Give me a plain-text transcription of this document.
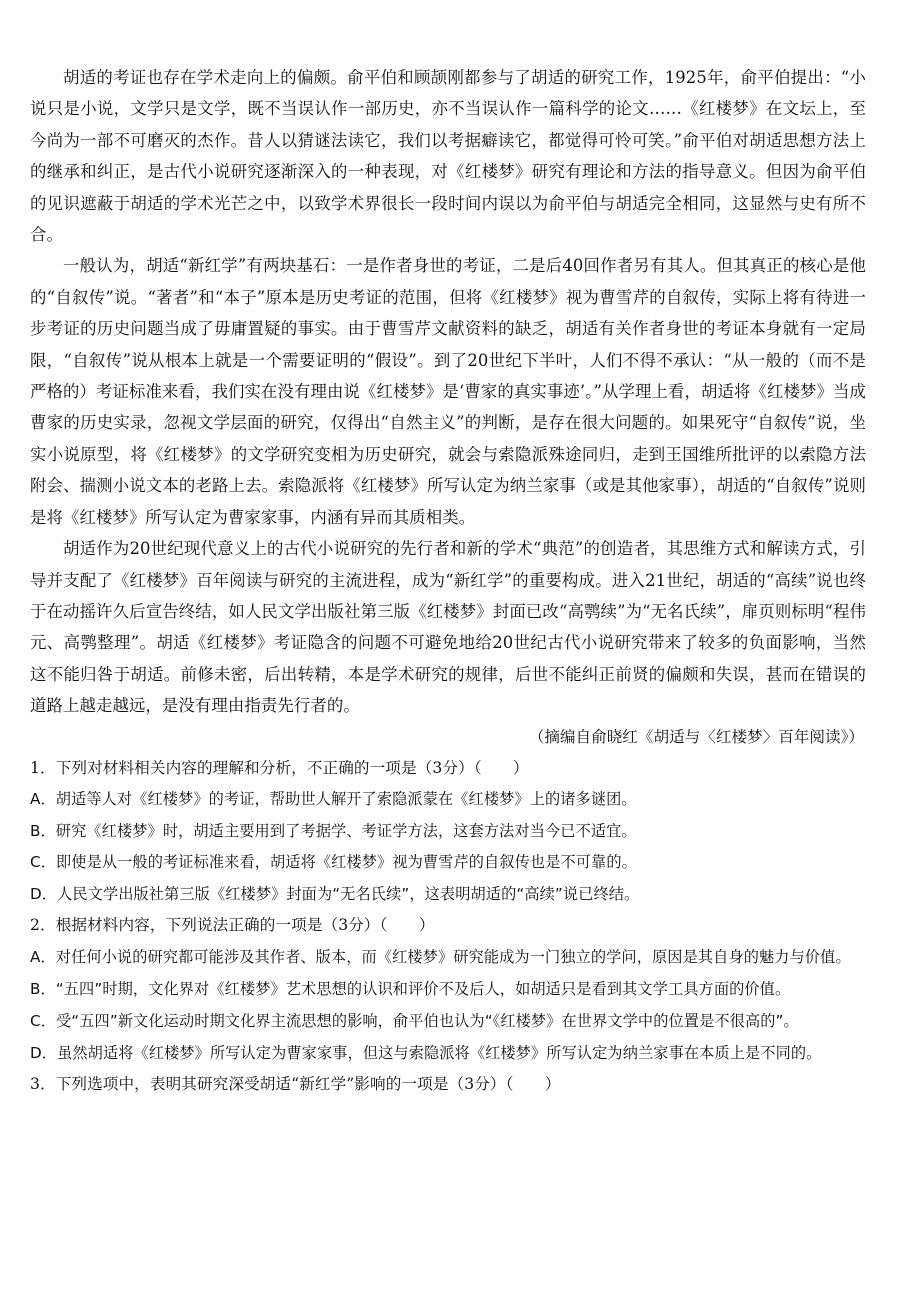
胡适的考证也存在学术走向上的偏颇。俞平伯和顾颉刚都参与了胡适的研究工作，1925年，俞平伯提出：“小说只是小说，文学只是文学，既不当误认作一部历史，亦不当误认作一篇科学的论文……《红楼梦》在文坛上，至今尚为一部不可磨灭的杰作。昔人以猜谜法读它，我们以考据癖读它，都觉得可怜可笑。”俞平伯对胡适思想方法上的继承和纠正，是古代小说研究逐渐深入的一种表现，对《红楼梦》研究有理论和方法的指导意义。但因为俞平伯的见识遮蔽于胡适的学术光芒之中，以致学术界很长一段时间内误以为俞平伯与胡适完全相同，这显然与史有所不合。

一般认为，胡适“新红学”有两块基石：一是作者身世的考证，二是后40回作者另有其人。但其真正的核心是他的“自叙传”说。“著者”和“本子”原本是历史考证的范围，但将《红楼梦》视为曹雪芹的自叙传，实际上将有待进一步考证的历史问题当成了毋庸置疑的事实。由于曹雪芹文献资料的缺乏，胡适有关作者身世的考证本身就有一定局限，“自叙传”说从根本上就是一个需要证明的“假设”。到了20世纪下半叶，人们不得不承认：“从一般的（而不是严格的）考证标准来看，我们实在没有理由说《红楼梦》是‘曹家的真实事迹’。”从学理上看，胡适将《红楼梦》当成曹家的历史实录，忽视文学层面的研究，仅得出“自然主义”的判断，是存在很大问题的。如果死守“自叙传”说，坐实小说原型，将《红楼梦》的文学研究变相为历史研究，就会与索隐派殊途同归，走到王国维所批评的以索隐方法附会、揣测小说文本的老路上去。索隐派将《红楼梦》所写认定为纳兰家事（或是其他家事），胡适的“自叙传”说则是将《红楼梦》所写认定为曹家家事，内涵有异而其质相类。

胡适作为20世纪现代意义上的古代小说研究的先行者和新的学术“典范”的创造者，其思维方式和解读方式，引导并支配了《红楼梦》百年阅读与研究的主流进程，成为“新红学”的重要构成。进入21世纪，胡适的“高续”说也终于在动摇许久后宣告终结，如人民文学出版社第三版《红楼梦》封面已改“高鹗续”为“无名氏续”，扉页则标明“程伟元、高鹗整理”。胡适《红楼梦》考证隐含的问题不可避免地给20世纪古代小说研究带来了较多的负面影响，当然这不能归咎于胡适。前修未密，后出转精，本是学术研究的规律，后世不能纠正前贤的偏颇和失误，甚而在错误的道路上越走越远，是没有理由指责先行者的。

（摘编自俞晓红《胡适与〈红楼梦〉百年阅读》）

1．下列对材料相关内容的理解和分析，不正确的一项是（3分）（　　）

A．胡适等人对《红楼梦》的考证，帮助世人解开了索隐派蒙在《红楼梦》上的诸多谜团。

B．研究《红楼梦》时，胡适主要用到了考据学、考证学方法，这套方法对当今已不适宜。

C．即使是从一般的考证标准来看，胡适将《红楼梦》视为曹雪芹的自叙传也是不可靠的。

D．人民文学出版社第三版《红楼梦》封面为“无名氏续”，这表明胡适的“高续”说已终结。

2．根据材料内容，下列说法正确的一项是（3分）（　　）

A．对任何小说的研究都可能涉及其作者、版本，而《红楼梦》研究能成为一门独立的学问，原因是其自身的魅力与价值。

B．“五四”时期，文化界对《红楼梦》艺术思想的认识和评价不及后人，如胡适只是看到其文学工具方面的价值。

C．受“五四”新文化运动时期文化界主流思想的影响，俞平伯也认为“《红楼梦》在世界文学中的位置是不很高的”。

D．虽然胡适将《红楼梦》所写认定为曹家家事，但这与索隐派将《红楼梦》所写认定为纳兰家事在本质上是不同的。

3．下列选项中，表明其研究深受胡适“新红学”影响的一项是（3分）（　　）
